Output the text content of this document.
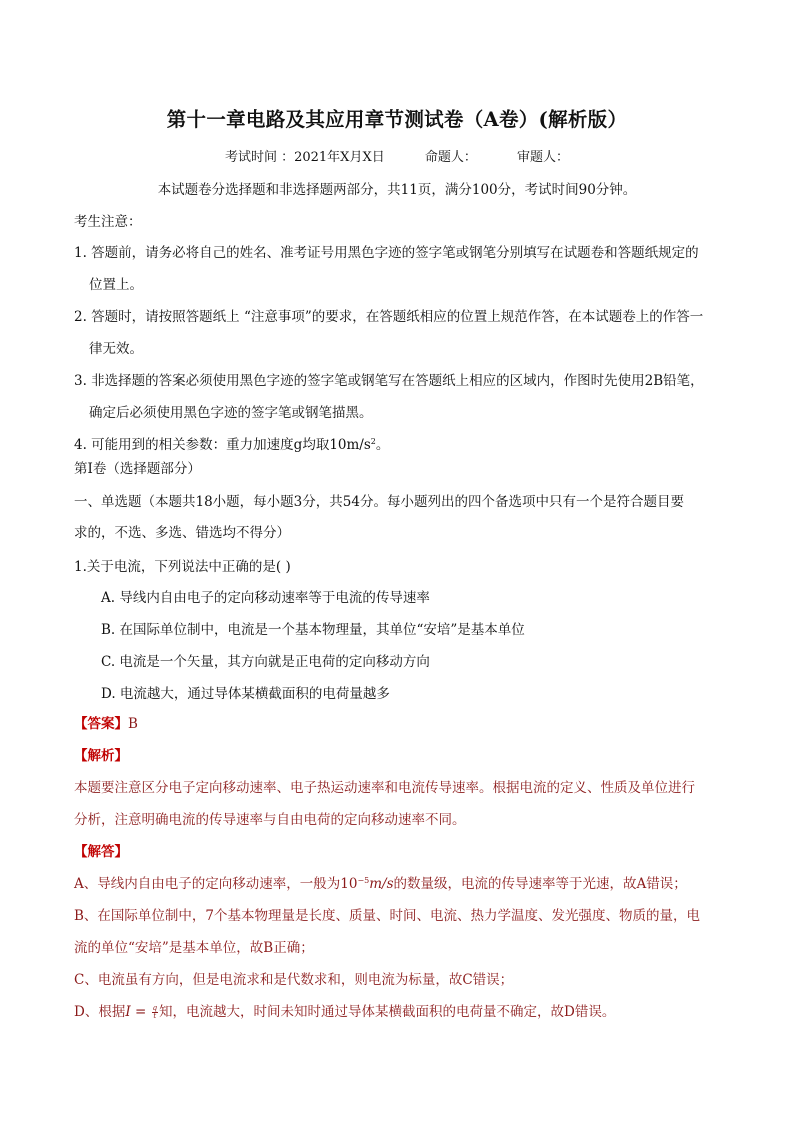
第十一章电路及其应用章节测试卷（A卷）(解析版）
考试时间 ：2021年X月X日	命题人：	审题人：
本试题卷分选择题和非选择题两部分，共11页，满分100分，考试时间90分钟。
考生注意：
1. 答题前，请务必将自己的姓名、准考证号用黑色字迹的签字笔或钢笔分别填写在试题卷和答题纸规定的
位置上。
2. 答题时，请按照答题纸上 “注意事项”的要求，在答题纸相应的位置上规范作答，在本试题卷上的作答一
律无效。
3. 非选择题的答案必须使用黑色字迹的签字笔或钢笔写在答题纸上相应的区域内，作图时先使用2B铅笔，
确定后必须使用黑色字迹的签字笔或钢笔描黑。
4. 可能用到的相关参数：重力加速度g均取$10m/s^2$。
第I卷（选择题部分）
一、单选题（本题共18小题，每小题3分，共54分。每小题列出的四个备选项中只有一个是符合题目要
求的，不选、多选、错选均不得分）
1.关于电流，下列说法中正确的是( )
A. 导线内自由电子的定向移动速率等于电流的传导速率
B. 在国际单位制中，电流是一个基本物理量，其单位“安培”是基本单位
C. 电流是一个矢量，其方向就是正电荷的定向移动方向
D. 电流越大，通过导体某横截面积的电荷量越多
【答案】B
【解析】
本题要注意区分电子定向移动速率、电子热运动速率和电流传导速率。根据电流的定义、性质及单位进行
分析，注意明确电流的传导速率与自由电荷的定向移动速率不同。
【解答】
A、导线内自由电子的定向移动速率，一般为$10^{-5}m/s$的数量级，电流的传导速率等于光速，故A错误；
B、在国际单位制中，7个基本物理量是长度、质量、时间、电流、热力学温度、发光强度、物质的量，电
流的单位“安培”是基本单位，故B正确；
C、电流虽有方向，但是电流求和是代数求和，则电流为标量，故C错误；
D、根据$I = \frac{q}{t}$ 知，电流越大，时间未知时通过导体某横截面积的电荷量不确定，故D错误。
